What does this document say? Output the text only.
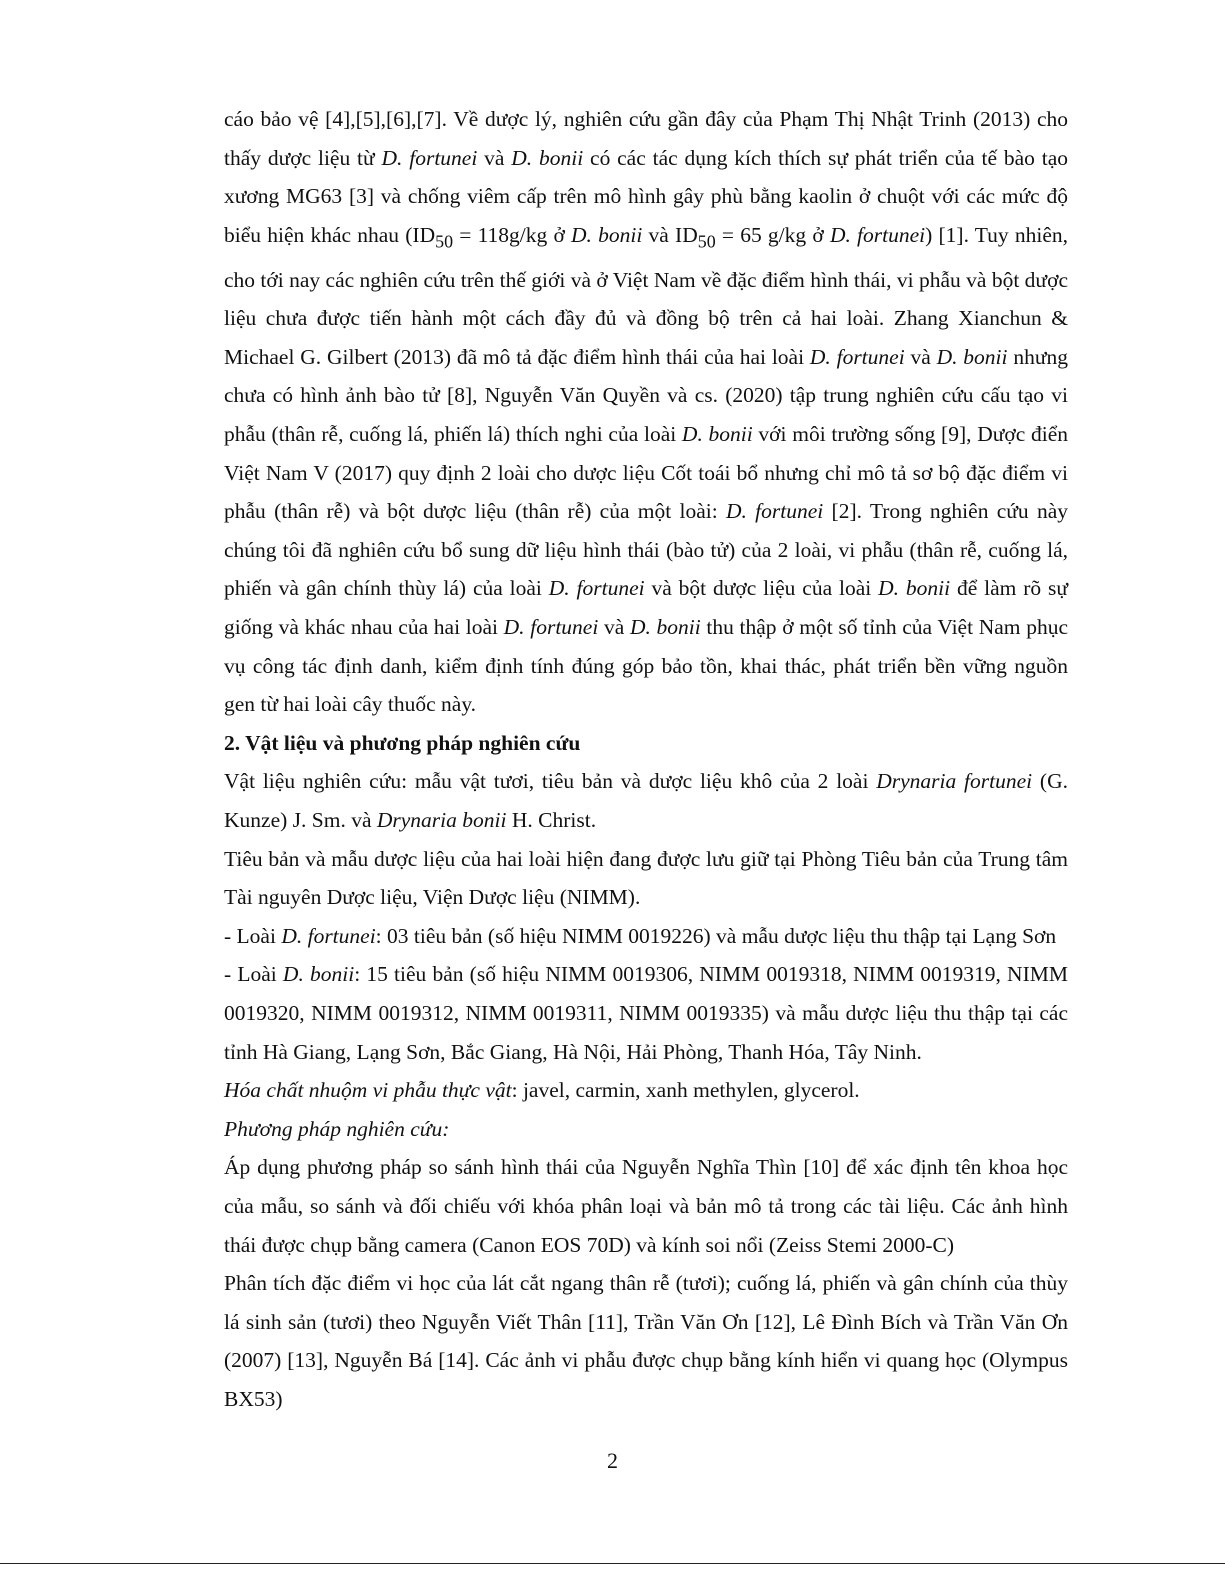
cáo bảo vệ [4],[5],[6],[7]. Về dược lý, nghiên cứu gần đây của Phạm Thị Nhật Trinh (2013) cho thấy dược liệu từ D. fortunei và D. bonii có các tác dụng kích thích sự phát triển của tế bào tạo xương MG63 [3] và chống viêm cấp trên mô hình gây phù bằng kaolin ở chuột với các mức độ biểu hiện khác nhau ($ID_{50} = 118g/kg$ ở D. bonii và $ID_{50} = 65$ g/kg ở D. fortunei) [1]. Tuy nhiên, cho tới nay các nghiên cứu trên thế giới và ở Việt Nam về đặc điểm hình thái, vi phẫu và bột dược liệu chưa được tiến hành một cách đầy đủ và đồng bộ trên cả hai loài. Zhang Xianchun & Michael G. Gilbert (2013) đã mô tả đặc điểm hình thái của hai loài D. fortunei và D. bonii nhưng chưa có hình ảnh bào tử [8], Nguyễn Văn Quyền và cs. (2020) tập trung nghiên cứu cấu tạo vi phẫu (thân rễ, cuống lá, phiến lá) thích nghi của loài D. bonii với môi trường sống [9], Dược điển Việt Nam V (2017) quy định 2 loài cho dược liệu Cốt toái bổ nhưng chỉ mô tả sơ bộ đặc điểm vi phẫu (thân rễ) và bột dược liệu (thân rễ) của một loài: D. fortunei [2]. Trong nghiên cứu này chúng tôi đã nghiên cứu bổ sung dữ liệu hình thái (bào tử) của 2 loài, vi phẫu (thân rễ, cuống lá, phiến và gân chính thùy lá) của loài D. fortunei và bột dược liệu của loài D. bonii để làm rõ sự giống và khác nhau của hai loài D. fortunei và D. bonii thu thập ở một số tỉnh của Việt Nam phục vụ công tác định danh, kiểm định tính đúng góp bảo tồn, khai thác, phát triển bền vững nguồn gen từ hai loài cây thuốc này.

2. Vật liệu và phương pháp nghiên cứu

Vật liệu nghiên cứu: mẫu vật tươi, tiêu bản và dược liệu khô của 2 loài Drynaria fortunei (G. Kunze) J. Sm. và Drynaria bonii H. Christ.

Tiêu bản và mẫu dược liệu của hai loài hiện đang được lưu giữ tại Phòng Tiêu bản của Trung tâm Tài nguyên Dược liệu, Viện Dược liệu (NIMM).

- Loài D. fortunei: 03 tiêu bản (số hiệu NIMM 0019226) và mẫu dược liệu thu thập tại Lạng Sơn

- Loài D. bonii: 15 tiêu bản (số hiệu NIMM 0019306, NIMM 0019318, NIMM 0019319, NIMM 0019320, NIMM 0019312, NIMM 0019311, NIMM 0019335) và mẫu dược liệu thu thập tại các tỉnh Hà Giang, Lạng Sơn, Bắc Giang, Hà Nội, Hải Phòng, Thanh Hóa, Tây Ninh.

Hóa chất nhuộm vi phẫu thực vật: javel, carmin, xanh methylen, glycerol.

Phương pháp nghiên cứu:

Áp dụng phương pháp so sánh hình thái của Nguyễn Nghĩa Thìn [10] để xác định tên khoa học của mẫu, so sánh và đối chiếu với khóa phân loại và bản mô tả trong các tài liệu. Các ảnh hình thái được chụp bằng camera (Canon EOS 70D) và kính soi nổi (Zeiss Stemi 2000-C)

Phân tích đặc điểm vi học của lát cắt ngang thân rễ (tươi); cuống lá, phiến và gân chính của thùy lá sinh sản (tươi) theo Nguyễn Viết Thân [11], Trần Văn Ơn [12], Lê Đình Bích và Trần Văn Ơn (2007) [13], Nguyễn Bá [14]. Các ảnh vi phẫu được chụp bằng kính hiển vi quang học (Olympus BX53)

2
